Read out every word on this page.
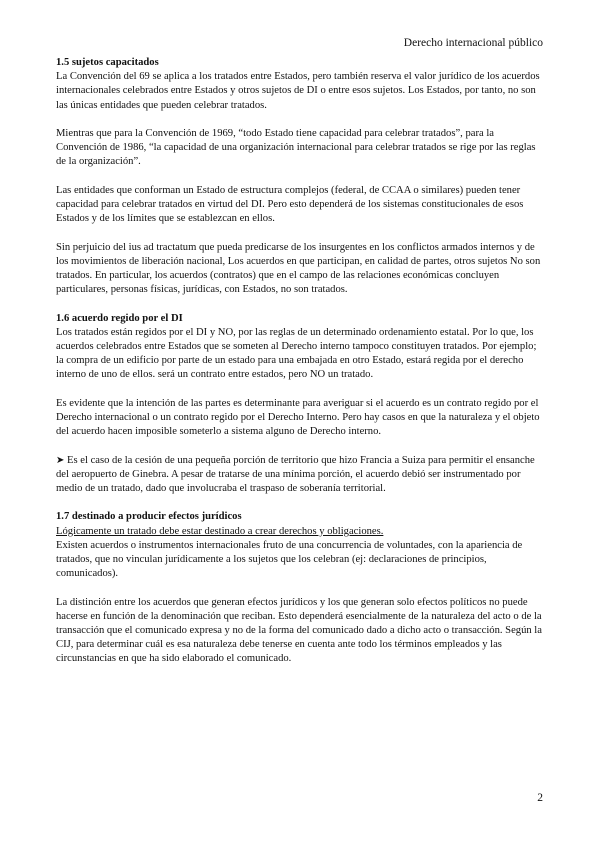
Derecho internacional público

1.5 sujetos capacitados

La Convención del 69 se aplica a los tratados entre Estados, pero también reserva el valor jurídico de los acuerdos internacionales celebrados entre Estados y otros sujetos de DI o entre esos sujetos. Los Estados, por tanto, no son las únicas entidades que pueden celebrar tratados.

Mientras que para la Convención de 1969, “todo Estado tiene capacidad para celebrar tratados”, para la Convención de 1986, “la capacidad de una organización internacional para celebrar tratados se rige por las reglas de la organización”.

Las entidades que conforman un Estado de estructura complejos (federal, de CCAA o similares) pueden tener capacidad para celebrar tratados en virtud del DI. Pero esto dependerá de los sistemas constitucionales de esos Estados y de los límites que se establezcan en ellos.

Sin perjuicio del ius ad tractatum que pueda predicarse de los insurgentes en los conflictos armados internos y de los movimientos de liberación nacional, Los acuerdos en que participan, en calidad de partes, otros sujetos No son tratados. En particular, los acuerdos (contratos) que en el campo de las relaciones económicas concluyen particulares, personas físicas, jurídicas, con Estados, no son tratados.

1.6 acuerdo regido por el DI

Los tratados están regidos por el DI y NO, por las reglas de un determinado ordenamiento estatal. Por lo que, los acuerdos celebrados entre Estados que se someten al Derecho interno tampoco constituyen tratados. Por ejemplo; la compra de un edificio por parte de un estado para una embajada en otro Estado, estará regida por el derecho interno de uno de ellos. será un contrato entre estados, pero NO un tratado.

Es evidente que la intención de las partes es determinante para averiguar si el acuerdo es un contrato regido por el Derecho internacional o un contrato regido por el Derecho Interno. Pero hay casos en que la naturaleza y el objeto del acuerdo hacen imposible someterlo a sistema alguno de Derecho interno.

➤ Es el caso de la cesión de una pequeña porción de territorio que hizo Francia a Suiza para permitir el ensanche del aeropuerto de Ginebra. A pesar de tratarse de una mínima porción, el acuerdo debió ser instrumentado por medio de un tratado, dado que involucraba el traspaso de soberanía territorial.

1.7 destinado a producir efectos jurídicos

Lógicamente un tratado debe estar destinado a crear derechos y obligaciones.

Existen acuerdos o instrumentos internacionales fruto de una concurrencia de voluntades, con la apariencia de tratados, que no vinculan jurídicamente a los sujetos que los celebran (ej: declaraciones de principios, comunicados).

La distinción entre los acuerdos que generan efectos jurídicos y los que generan solo efectos políticos no puede hacerse en función de la denominación que reciban. Esto dependerá esencialmente de la naturaleza del acto o de la transacción que el comunicado expresa y no de la forma del comunicado dado a dicho acto o transacción. Según la CIJ, para determinar cuál es esa naturaleza debe tenerse en cuenta ante todo los términos empleados y las circunstancias en que ha sido elaborado el comunicado.

2
